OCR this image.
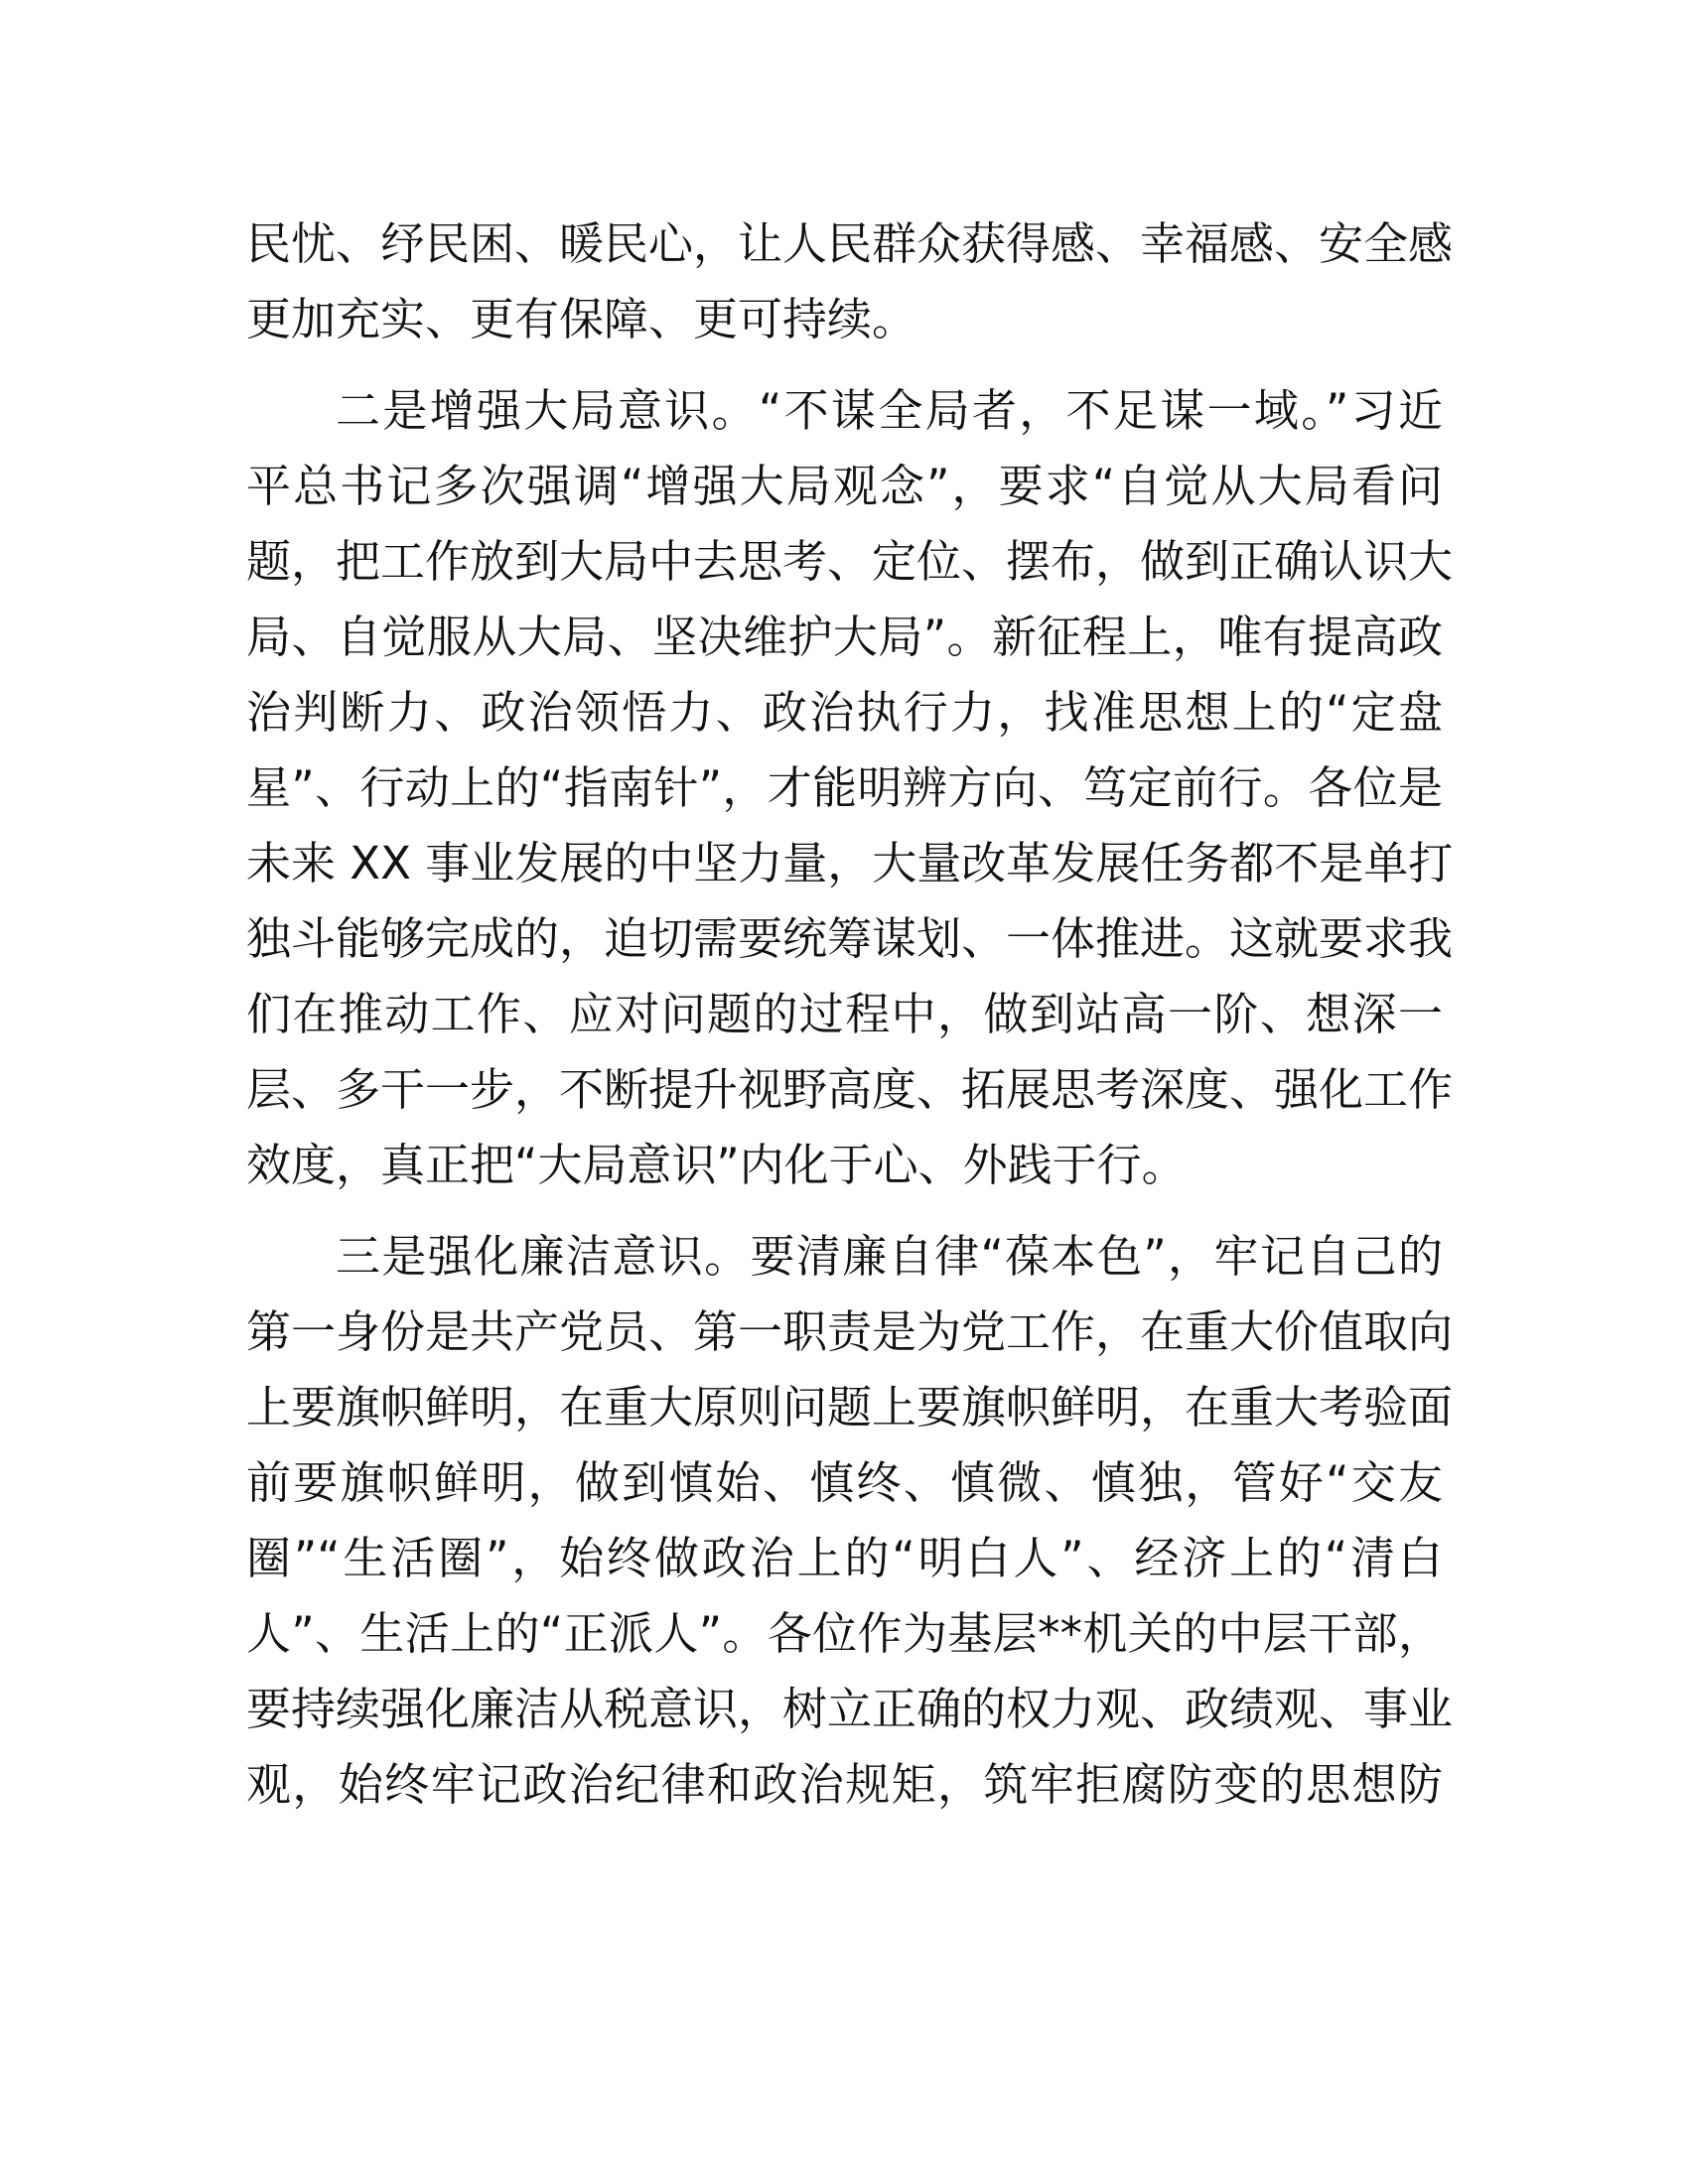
民忧、纾民困、暖民心，让人民群众获得感、幸福感、安全感
更加充实、更有保障、更可持续。
二是增强大局意识。“不谋全局者，不足谋一域。”习近
平总书记多次强调“增强大局观念”，要求“自觉从大局看问
题，把工作放到大局中去思考、定位、摆布，做到正确认识大
局、自觉服从大局、坚决维护大局”。新征程上，唯有提高政
治判断力、政治领悟力、政治执行力，找准思想上的“定盘
星”、行动上的“指南针”，才能明辨方向、笃定前行。各位是
未来 XX 事业发展的中坚力量，大量改革发展任务都不是单打
独斗能够完成的，迫切需要统筹谋划、一体推进。这就要求我
们在推动工作、应对问题的过程中，做到站高一阶、想深一
层、多干一步，不断提升视野高度、拓展思考深度、强化工作
效度，真正把“大局意识”内化于心、外践于行。
三是强化廉洁意识。要清廉自律“葆本色”，牢记自己的
第一身份是共产党员、第一职责是为党工作，在重大价值取向
上要旗帜鲜明，在重大原则问题上要旗帜鲜明，在重大考验面
前要旗帜鲜明，做到慎始、慎终、慎微、慎独，管好“交友
圈”“生活圈”，始终做政治上的“明白人”、经济上的“清白
人”、生活上的“正派人”。各位作为基层**机关的中层干部，
要持续强化廉洁从税意识，树立正确的权力观、政绩观、事业
观，始终牢记政治纪律和政治规矩，筑牢拒腐防变的思想防
